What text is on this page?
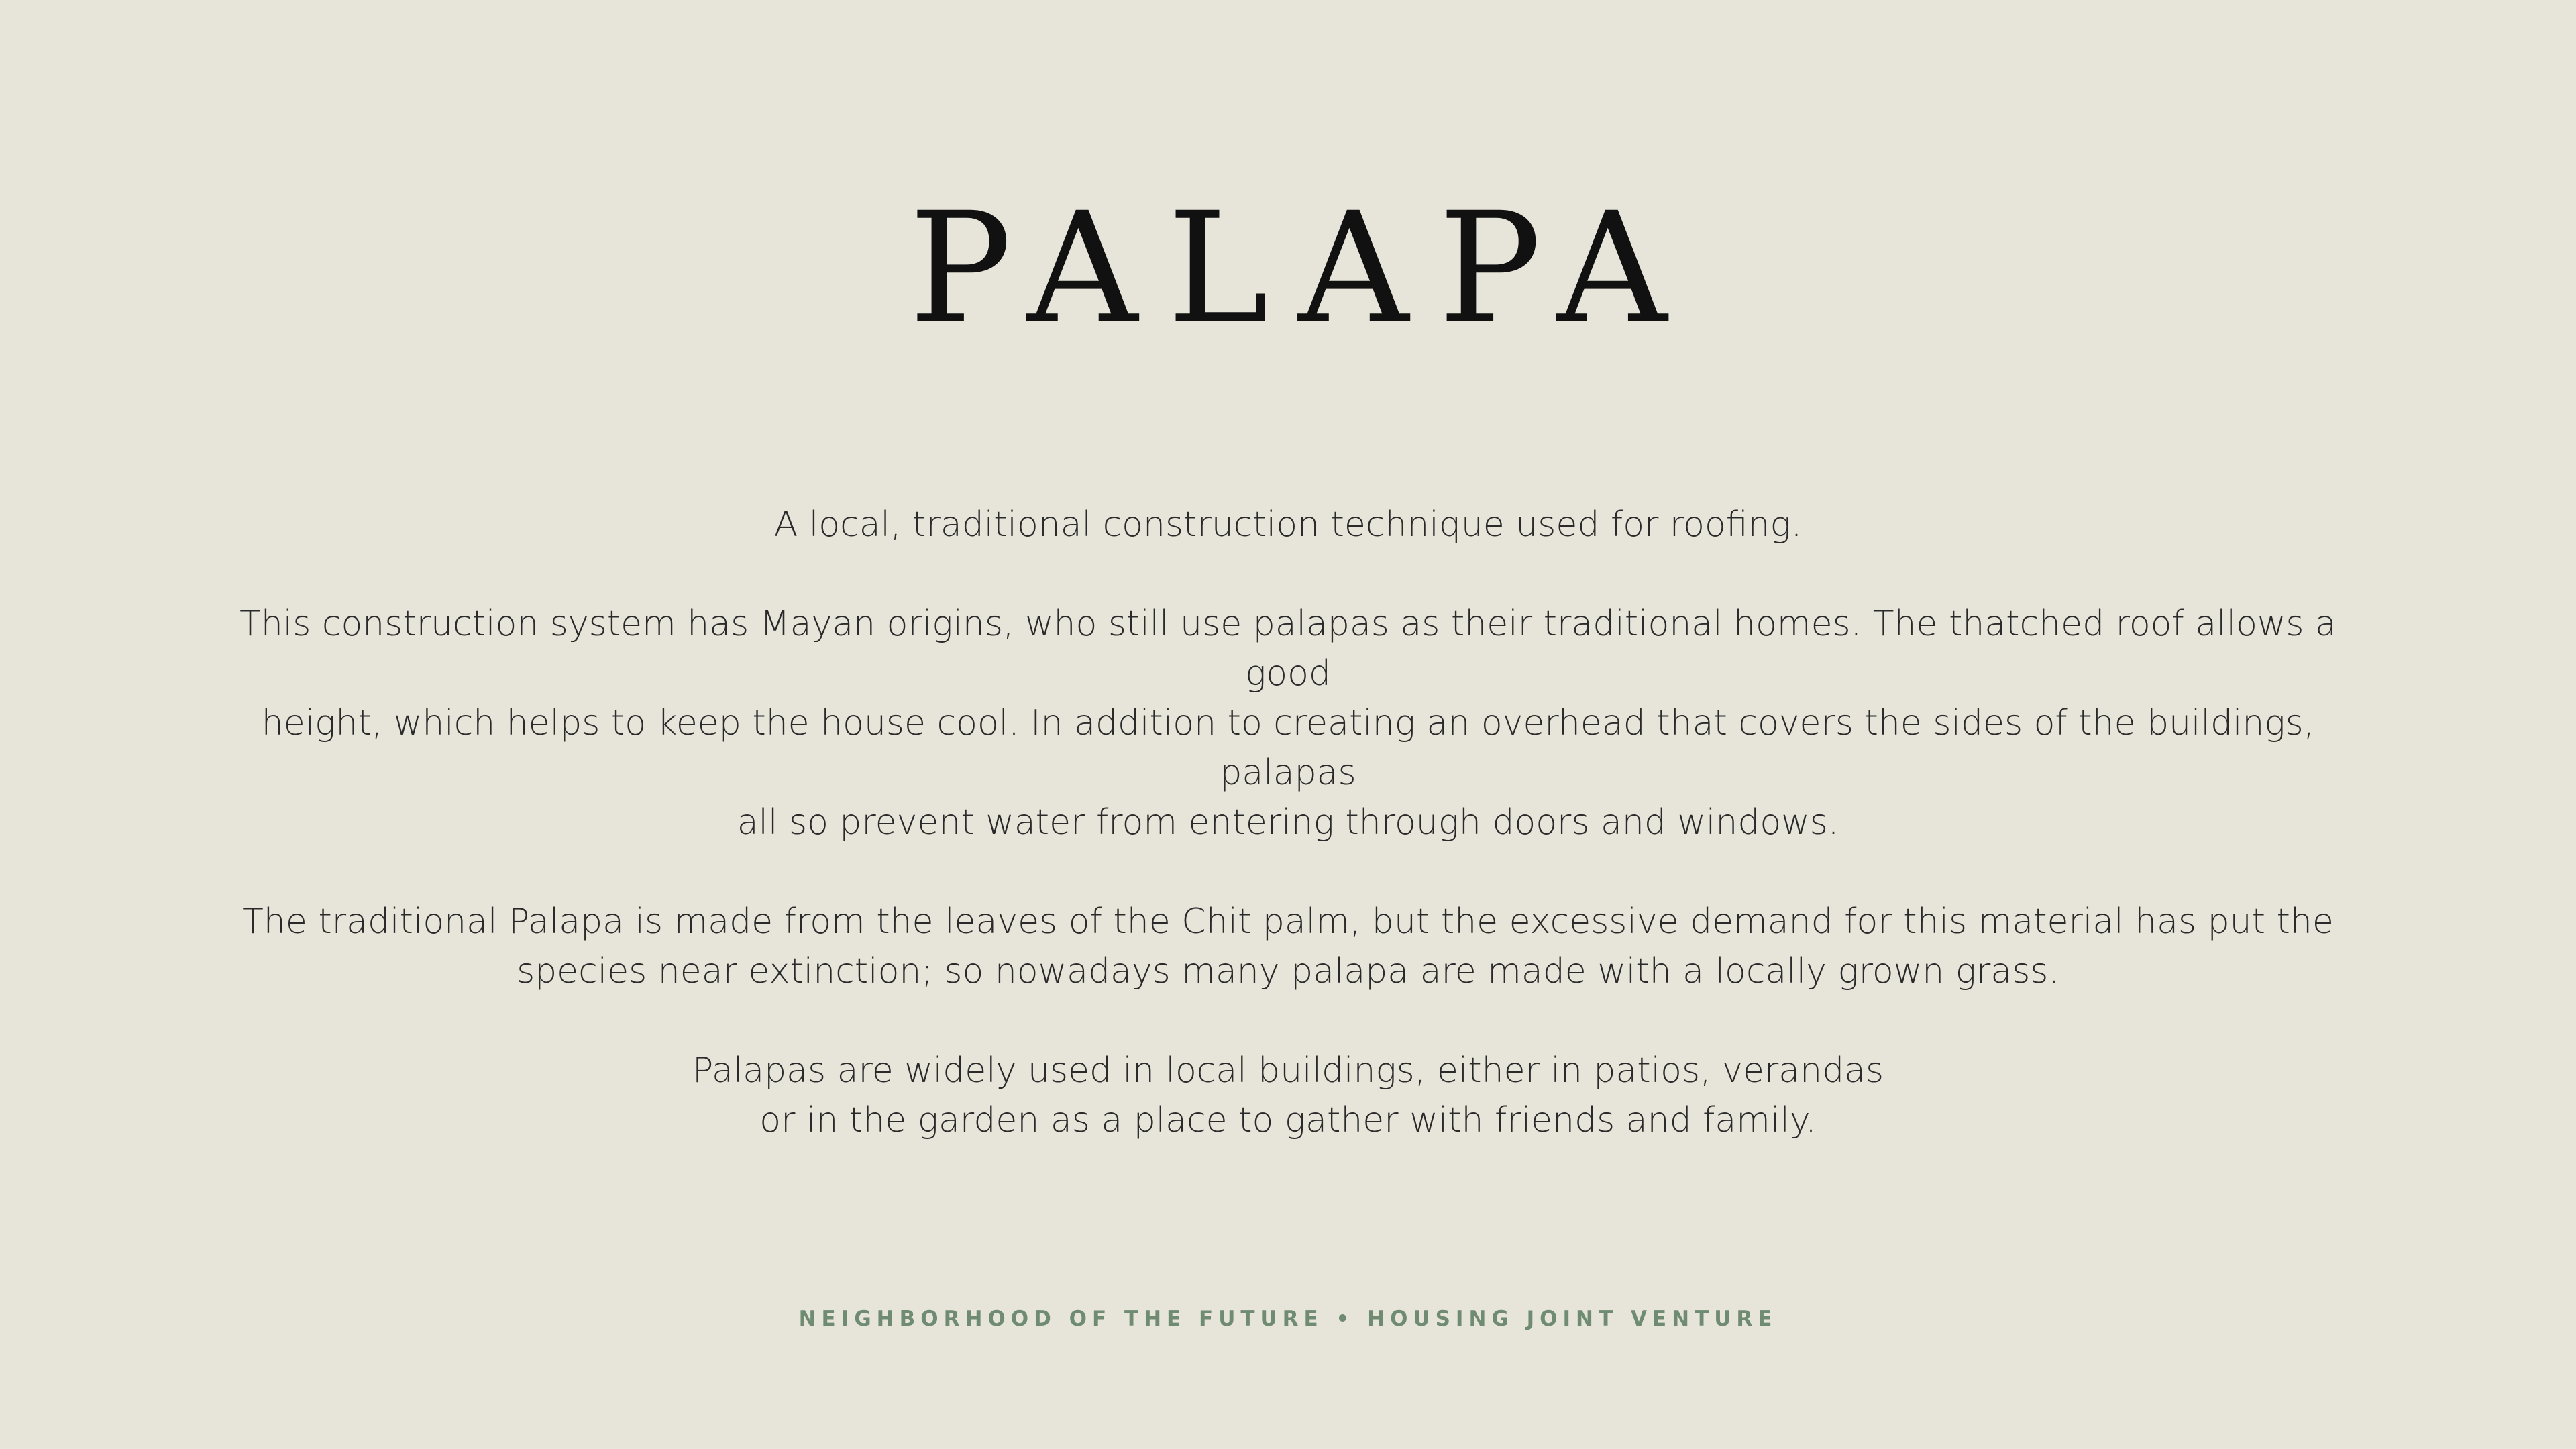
PALAPA

A local, traditional construction technique used for roofing.

This construction system has Mayan origins, who still use palapas as their traditional homes. The thatched roof allows a good
height, which helps to keep the house cool. In addition to creating an overhead that covers the sides of the buildings, palapas
all so prevent water from entering through doors and windows.

The traditional Palapa is made from the leaves of the Chit palm, but the excessive demand for this material has put the
species near extinction; so nowadays many palapa are made with a locally grown grass.

Palapas are widely used in local buildings, either in patios, verandas
or in the garden as a place to gather with friends and family.

NEIGHBORHOOD OF THE FUTURE • HOUSING JOINT VENTURE
